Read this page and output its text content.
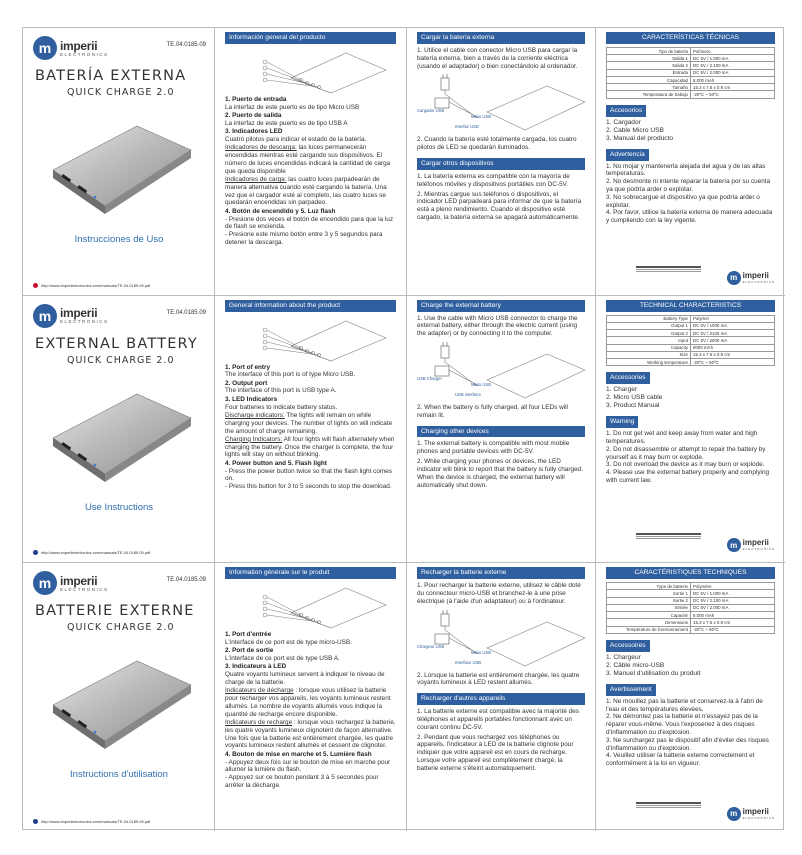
m imperii
ELECTRONICS
TE.04.0185.09
BATERÍA EXTERNA
QUICK CHARGE 2.0
Instrucciones de Uso
http://www.imperiielectronics.com/manuals/TE.04.0185.09.pdf
Información general del producto
1. Puerto de entrada
La interfaz de este puerto es de tipo Micro USB
2. Puerto de salida
La interfaz de este puerto es de tipo USB A
3. Indicadores LED
Cuatro pilotos para indicar el estado de la batería.
Indicadores de descarga: las luces permanecerán encendidas mientras esté cargando sus dispositivos. El número de luces encendidas indicará la cantidad de carga que queda disponible
Indicadores de carga: las cuatro luces parpadearán de manera alternativa cuando esté cargando la batería. Una vez que el cargador esté al completo, las cuatro luces se quedarán encendidas sin parpadeo.
4. Botón de encendido y 5. Luz flash
- Presione dos veces el botón de encendido para que la luz de flash se encienda.
- Presione este mismo botón entre 3 y 5 segundos para detener la descarga.
Cargar la batería externa
1. Utilice el cable con conector Micro USB para cargar la batería externa, bien a través de la corriente eléctrica (usando el adaptador) o bien conectándolo al ordenador.
Cargador USB
Micro USB
Interfaz USB
2. Cuando la batería esté totalmente cargada, los cuatro pilotos de LED se quedarán iluminados.
Cargar otros dispositivos
1. La batería externa es compatible con la mayoría de teléfonos móviles y dispositivos portátiles con DC-5V.
2. Mientras cargue sus teléfonos o dispositivos, el indicador LED parpadeará para informar de que la batería está a pleno rendimiento. Cuando el dispositivo esté cargado, la batería externa se apagará automáticamente.
CARACTERÍSTICAS TÉCNICAS
Tipo de batería	Polímero
Salida 1	DC 5V / 1.000 mA
Salida 2	DC 5V / 2.100 mA
Entrada	DC 5V / 2.000 mA
Capacidad	8.000 mAh
Tamaño	15.3 x 7.6 x 0.9 cm
Temperatura de trabajo	-20ºC ~ 50ºC
Accesorios
1. Cargador
2. Cable Micro USB
3. Manual del producto
Advertencia
1. No mojar y mantenerla alejada del agua y de las altas temperaturas.
2. No desmonte ni intente reparar la batería por su cuenta ya que podría arder o explotar.
3. No sobrecargue el dispositivo ya que podría arder o explotar.
4. Por favor, utilice la batería externa de manera adecuada y cumpliendo con la ley vigente.
m imperii
ELECTRONICS
m imperii
ELECTRONICS
TE.04.0185.09
EXTERNAL BATTERY
QUICK CHARGE 2.0
Use Instructions
http://www.imperiielectronics.com/manuals/TE.04.0185.09.pdf
General information about the product
1. Port of entry
The interface of this port is of type Micro USB.
2. Output port
The interface of this port is USB type A.
3. LED Indicators
Four batteries to indicate battery status.
Discharge indicators: The lights will remain on while charging your devices. The number of lights on will indicate the amount of charge remaining.
Charging Indicators: All four lights will flash alternately when charging the battery. Once the charger is complete, the four lights will stay on without blinking.
4. Power button and 5. Flash light
- Press the power button twice so that the flash light comes on.
- Press this button for 3 to 5 seconds to stop the download.
Charge the external battery
1. Use the cable with Micro USB connector to charge the external battery, either through the electric current (using the adapter) or by connecting it to the computer.
USB Charger
Micro USB
USB interface
2. When the battery is fully charged, all four LEDs will remain lit.
Charging other devices
1. The external battery is compatible with most mobile phones and portable devices with DC-5V.
2. While charging your phones or devices, the LED indicator will blink to report that the battery is fully charged. When the device is charged, the external battery will automatically shut down.
TECHNICAL CHARACTERISTICS
Battery Type	Polymer
Output 1	DC 5V / 1000 mA
Output 2	DC 5V / 2100 mA
Input	DC 5V / 2000 mA
Capacity	8000 mAh
Size	15.3 x 7.6 x 0.9 cm
Working temperature	-20ºC ~ 50ºC
Accessories
1. Charger
2. Micro USB cable
3. Product Manual
Warning
1. Do not get wet and keep away from water and high temperatures.
2. Do not disassemble or attempt to repair the battery by yourself as it may burn or explode.
3. Do not overload the device as it may burn or explode.
4. Please use the external battery properly and complying with current law.
m imperii
ELECTRONICS
m imperii
ELECTRONICS
TE.04.0185.09
BATTERIE EXTERNE
QUICK CHARGE 2.0
Instructions d'utilisation
http://www.imperiielectronics.com/manuals/TE.04.0185.09.pdf
Information générale sur le produit
1. Port d'entrée
L'interface de ce port est de type micro-USB.
2. Port de sortie
L'interface de ce port est de type USB A.
3. Indicateurs à LED
Quatre voyants lumineux servent à indiquer le niveau de charge de la batterie.
Indicateurs de décharge : lorsque vous utilisez la batterie pour recharger vos appareils, les voyants lumineux restent allumés. Le nombre de voyants allumés vous indique la quantité de recharge encore disponible.
Indicateurs de recharge : lorsque vous rechargez la batterie, les quatre voyants lumineux clignotent de façon alternative. Une fois que la batterie est entièrement chargée, les quatre voyants lumineux restent allumés et cessent de clignoter.
4. Bouton de mise en marche et 5. Lumière flash
- Appuyez deux fois sur le bouton de mise en marche pour allumer la lumière du flash.
- Appuyez sur ce bouton pendant 3 à 5 secondes pour arrêter la décharge.
Recharger la batterie externe
1. Pour recharger la batterie externe, utilisez le câble doté du connecteur micro-USB et branchez-le à une prise électrique (à l'aide d'un adaptateur) ou à l'ordinateur.
Chargeur USB
Micro USB
Interface USB
2. Lorsque la batterie est entièrement chargée, les quatre voyants lumineux à LED restent allumés.
Recharger d'autres appareils
1. La batterie externe est compatible avec la majorité des téléphones et appareils portables fonctionnant avec un courant continu DC-5V.
2. Pendant que vous rechargez vos téléphones ou appareils, l'indicateur à LED de la batterie clignote pour indiquer que votre appareil est en cours de recharge. Lorsque votre appareil est complètement chargé, la batterie externe s'éteint automatiquement.
CARACTÉRISTIQUES TECHNIQUES
Type de batterie	Polymère
Sortie 1	DC 5V / 1.000 mA
Sortie 2	DC 5V / 2.100 mA
Entrée	DC 5V / 2.000 mA
Capacité	8.000 mAh
Dimensions	15.3 x 7.6 x 0.9 cm
Température de fonctionnement	-20ºC ~ 50ºC
Accessoires
1. Chargeur
2. Câble micro-USB
3. Manuel d'utilisation du produit
Avertissement
1. Ne mouillez pas la batterie et conservez-la à l'abri de l'eau et des températures élevées.
2. Ne démontez pas la batterie et n'essayez pas de la réparer vous-même. Vous l'exposeriez à des risques d'inflammation ou d'explosion.
3. Ne surchargez pas le dispositif afin d'éviter des risques d'inflammation ou d'explosion.
4. Veuillez utiliser la batterie externe correctement et conformément à la loi en vigueur.
m imperii
ELECTRONICS
